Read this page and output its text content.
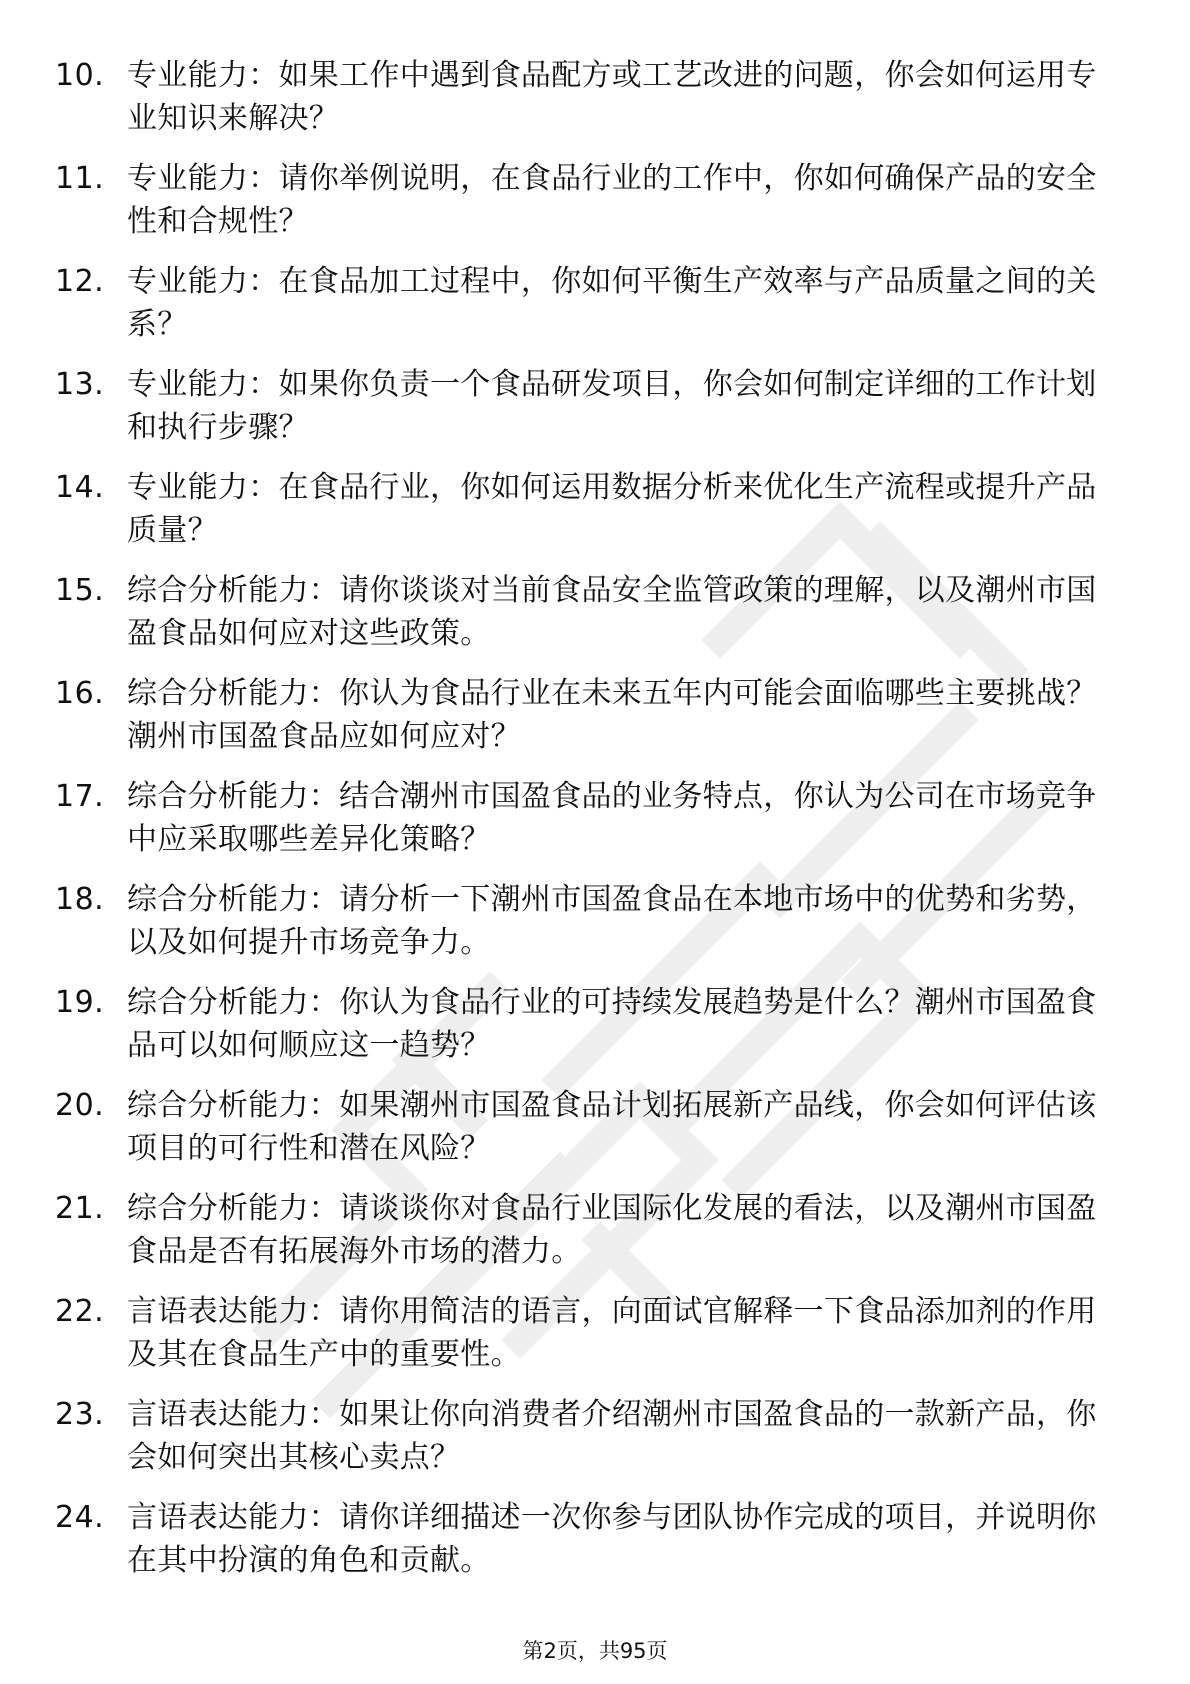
10. 专业能力：如果工作中遇到食品配方或工艺改进的问题，你会如何运用专业知识来解决？
11. 专业能力：请你举例说明，在食品行业的工作中，你如何确保产品的安全性和合规性？
12. 专业能力：在食品加工过程中，你如何平衡生产效率与产品质量之间的关系？
13. 专业能力：如果你负责一个食品研发项目，你会如何制定详细的工作计划和执行步骤？
14. 专业能力：在食品行业，你如何运用数据分析来优化生产流程或提升产品质量？
15. 综合分析能力：请你谈谈对当前食品安全监管政策的理解，以及潮州市国盈食品如何应对这些政策。
16. 综合分析能力：你认为食品行业在未来五年内可能会面临哪些主要挑战？潮州市国盈食品应如何应对？
17. 综合分析能力：结合潮州市国盈食品的业务特点，你认为公司在市场竞争中应采取哪些差异化策略？
18. 综合分析能力：请分析一下潮州市国盈食品在本地市场中的优势和劣势，以及如何提升市场竞争力。
19. 综合分析能力：你认为食品行业的可持续发展趋势是什么？潮州市国盈食品可以如何顺应这一趋势？
20. 综合分析能力：如果潮州市国盈食品计划拓展新产品线，你会如何评估该项目的可行性和潜在风险？
21. 综合分析能力：请谈谈你对食品行业国际化发展的看法，以及潮州市国盈食品是否有拓展海外市场的潜力。
22. 言语表达能力：请你用简洁的语言，向面试官解释一下食品添加剂的作用及其在食品生产中的重要性。
23. 言语表达能力：如果让你向消费者介绍潮州市国盈食品的一款新产品，你会如何突出其核心卖点？
24. 言语表达能力：请你详细描述一次你参与团队协作完成的项目，并说明你在其中扮演的角色和贡献。
第2页，共95页
